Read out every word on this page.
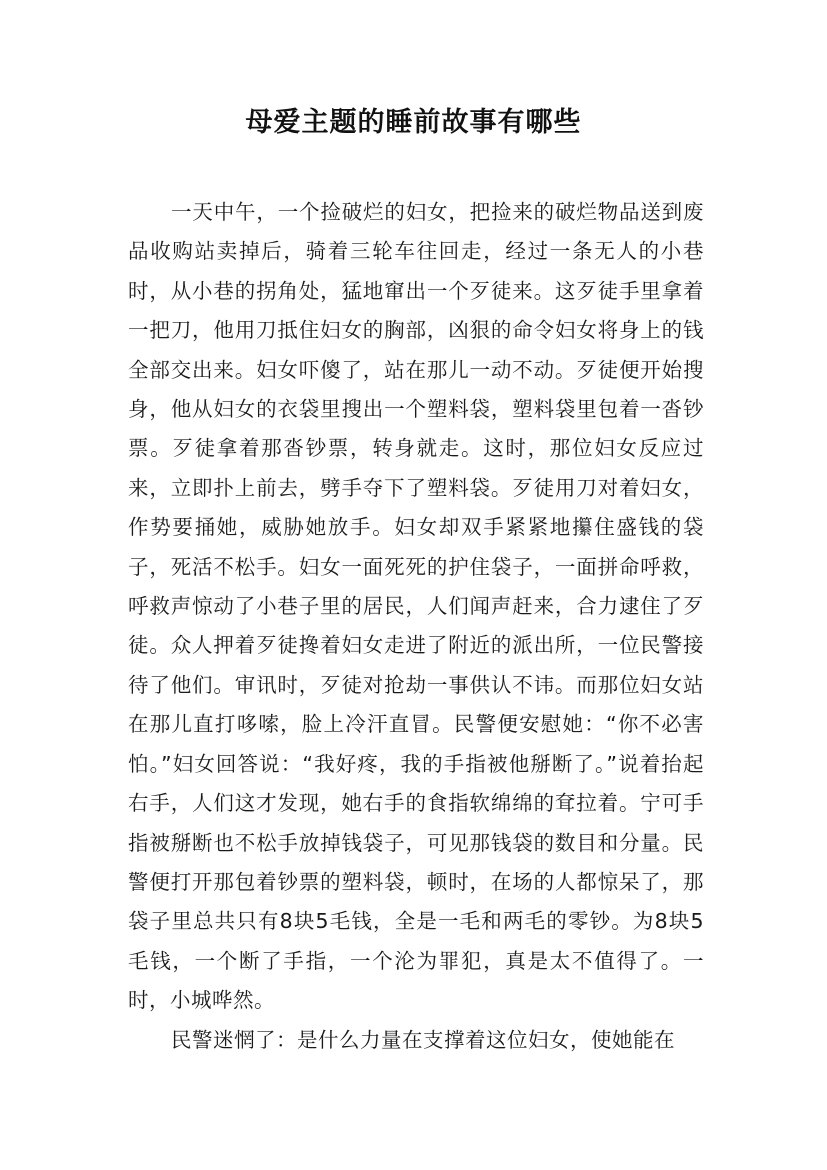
母爱主题的睡前故事有哪些

一天中午，一个捡破烂的妇女，把捡来的破烂物品送到废品收购站卖掉后，骑着三轮车往回走，经过一条无人的小巷时，从小巷的拐角处，猛地窜出一个歹徒来。这歹徒手里拿着一把刀，他用刀抵住妇女的胸部，凶狠的命令妇女将身上的钱全部交出来。妇女吓傻了，站在那儿一动不动。歹徒便开始搜身，他从妇女的衣袋里搜出一个塑料袋，塑料袋里包着一沓钞票。歹徒拿着那沓钞票，转身就走。这时，那位妇女反应过来，立即扑上前去，劈手夺下了塑料袋。歹徒用刀对着妇女，作势要捅她，威胁她放手。妇女却双手紧紧地攥住盛钱的袋子，死活不松手。妇女一面死死的护住袋子，一面拼命呼救，呼救声惊动了小巷子里的居民，人们闻声赶来，合力逮住了歹徒。众人押着歹徒搀着妇女走进了附近的派出所，一位民警接待了他们。审讯时，歹徒对抢劫一事供认不讳。而那位妇女站在那儿直打哆嗦，脸上冷汗直冒。民警便安慰她：“你不必害怕。”妇女回答说：“我好疼，我的手指被他掰断了。”说着抬起右手，人们这才发现，她右手的食指软绵绵的耷拉着。宁可手指被掰断也不松手放掉钱袋子，可见那钱袋的数目和分量。民警便打开那包着钞票的塑料袋，顿时，在场的人都惊呆了，那袋子里总共只有8块5毛钱，全是一毛和两毛的零钞。为8块5毛钱，一个断了手指，一个沦为罪犯，真是太不值得了。一时，小城哗然。

民警迷惘了：是什么力量在支撑着这位妇女，使她能在
